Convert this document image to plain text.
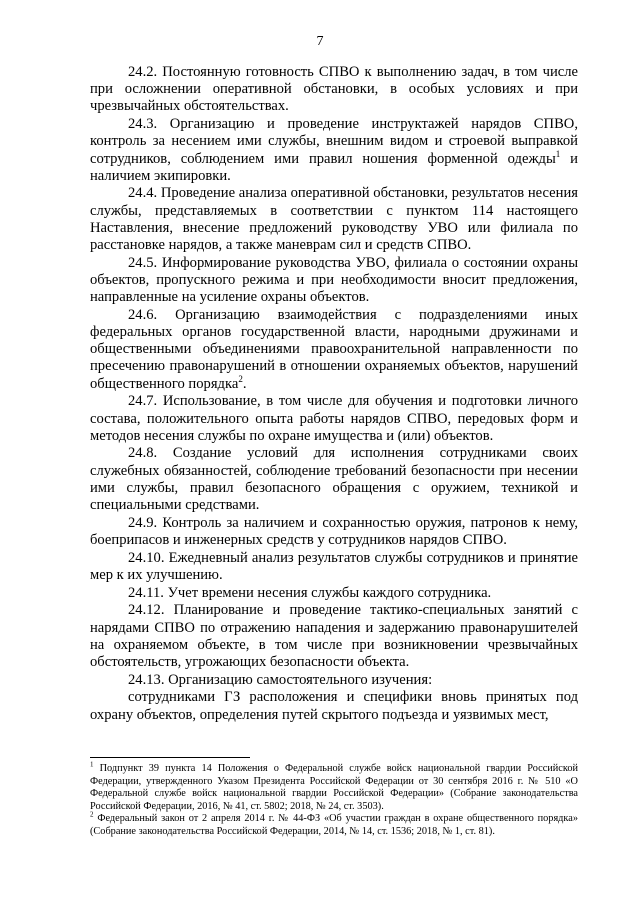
7

24.2. Постоянную готовность СПВО к выполнению задач, в том числе при осложнении оперативной обстановки, в особых условиях и при чрезвычайных обстоятельствах.

24.3. Организацию и проведение инструктажей нарядов СПВО, контроль за несением ими службы, внешним видом и строевой выправкой сотрудников, соблюдением ими правил ношения форменной одежды$^1$ и наличием экипировки.

24.4. Проведение анализа оперативной обстановки, результатов несения службы, представляемых в соответствии с пунктом 114 настоящего Наставления, внесение предложений руководству УВО или филиала по расстановке нарядов, а также маневрам сил и средств СПВО.

24.5. Информирование руководства УВО, филиала о состоянии охраны объектов, пропускного режима и при необходимости вносит предложения, направленные на усиление охраны объектов.

24.6. Организацию взаимодействия с подразделениями иных федеральных органов государственной власти, народными дружинами и общественными объединениями правоохранительной направленности по пресечению правонарушений в отношении охраняемых объектов, нарушений общественного порядка$^2$.

24.7. Использование, в том числе для обучения и подготовки личного состава, положительного опыта работы нарядов СПВО, передовых форм и методов несения службы по охране имущества и (или) объектов.

24.8. Создание условий для исполнения сотрудниками своих служебных обязанностей, соблюдение требований безопасности при несении ими службы, правил безопасного обращения с оружием, техникой и специальными средствами.

24.9. Контроль за наличием и сохранностью оружия, патронов к нему, боеприпасов и инженерных средств у сотрудников нарядов СПВО.

24.10. Ежедневный анализ результатов службы сотрудников и принятие мер к их улучшению.

24.11. Учет времени несения службы каждого сотрудника.

24.12. Планирование и проведение тактико-специальных занятий с нарядами СПВО по отражению нападения и задержанию правонарушителей на охраняемом объекте, в том числе при возникновении чрезвычайных обстоятельств, угрожающих безопасности объекта.

24.13. Организацию самостоятельного изучения:

сотрудниками ГЗ расположения и специфики вновь принятых под охрану объектов, определения путей скрытого подъезда и уязвимых мест,

$^1$ Подпункт 39 пункта 14 Положения о Федеральной службе войск национальной гвардии Российской Федерации, утвержденного Указом Президента Российской Федерации от 30 сентября 2016 г. № 510 «О Федеральной службе войск национальной гвардии Российской Федерации» (Собрание законодательства Российской Федерации, 2016, № 41, ст. 5802; 2018, № 24, ст. 3503).

$^2$ Федеральный закон от 2 апреля 2014 г. № 44-ФЗ «Об участии граждан в охране общественного порядка» (Собрание законодательства Российской Федерации, 2014, № 14, ст. 1536; 2018, № 1, ст. 81).
